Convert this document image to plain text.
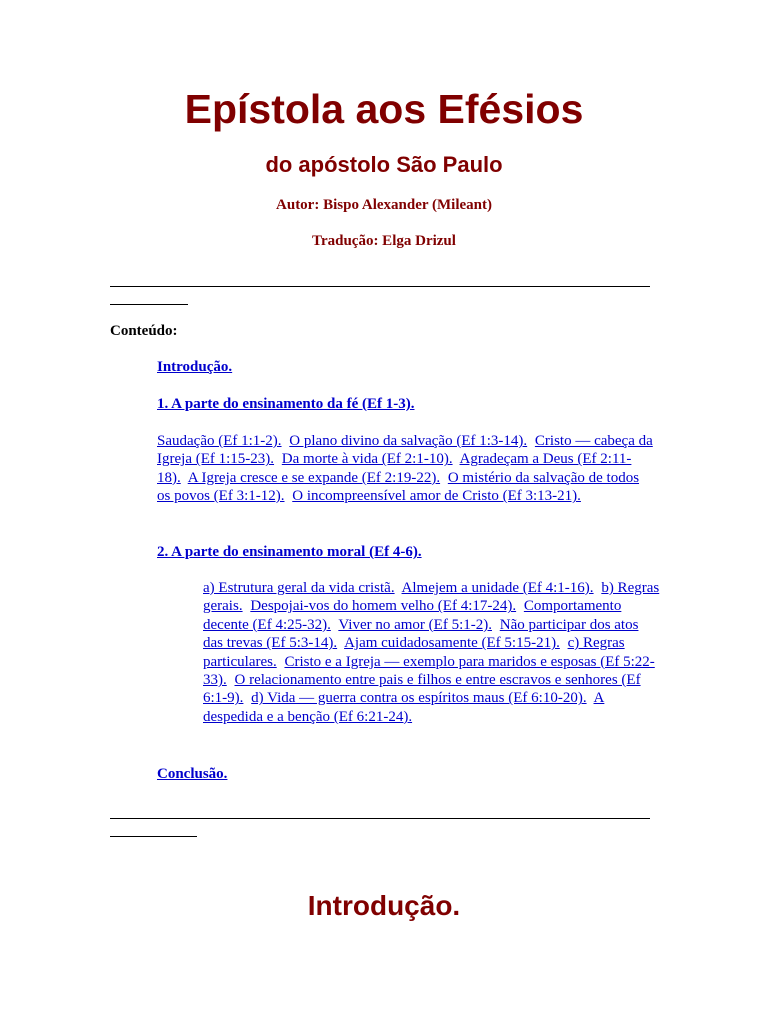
Epístola aos Efésios
do apóstolo São Paulo

Autor: Bispo Alexander (Mileant)

Tradução: Elga Drizul

Conteúdo:

Introdução.

1. A parte do ensinamento da fé (Ef 1-3).

Saudação (Ef 1:1-2). O plano divino da salvação (Ef 1:3-14). Cristo — cabeça da Igreja (Ef 1:15-23). Da morte à vida (Ef 2:1-10). Agradeçam a Deus (Ef 2:11-18). A Igreja cresce e se expande (Ef 2:19-22). O mistério da salvação de todos os povos (Ef 3:1-12). O incompreensível amor de Cristo (Ef 3:13-21).

2. A parte do ensinamento moral (Ef 4-6).

a) Estrutura geral da vida cristã. Almejem a unidade (Ef 4:1-16). b) Regras gerais. Despojai-vos do homem velho (Ef 4:17-24). Comportamento decente (Ef 4:25-32). Viver no amor (Ef 5:1-2). Não participar dos atos das trevas (Ef 5:3-14). Ajam cuidadosamente (Ef 5:15-21). c) Regras particulares. Cristo e a Igreja — exemplo para maridos e esposas (Ef 5:22-33). O relacionamento entre pais e filhos e entre escravos e senhores (Ef 6:1-9). d) Vida — guerra contra os espíritos maus (Ef 6:10-20). A despedida e a benção (Ef 6:21-24).

Conclusão.

Introdução.
